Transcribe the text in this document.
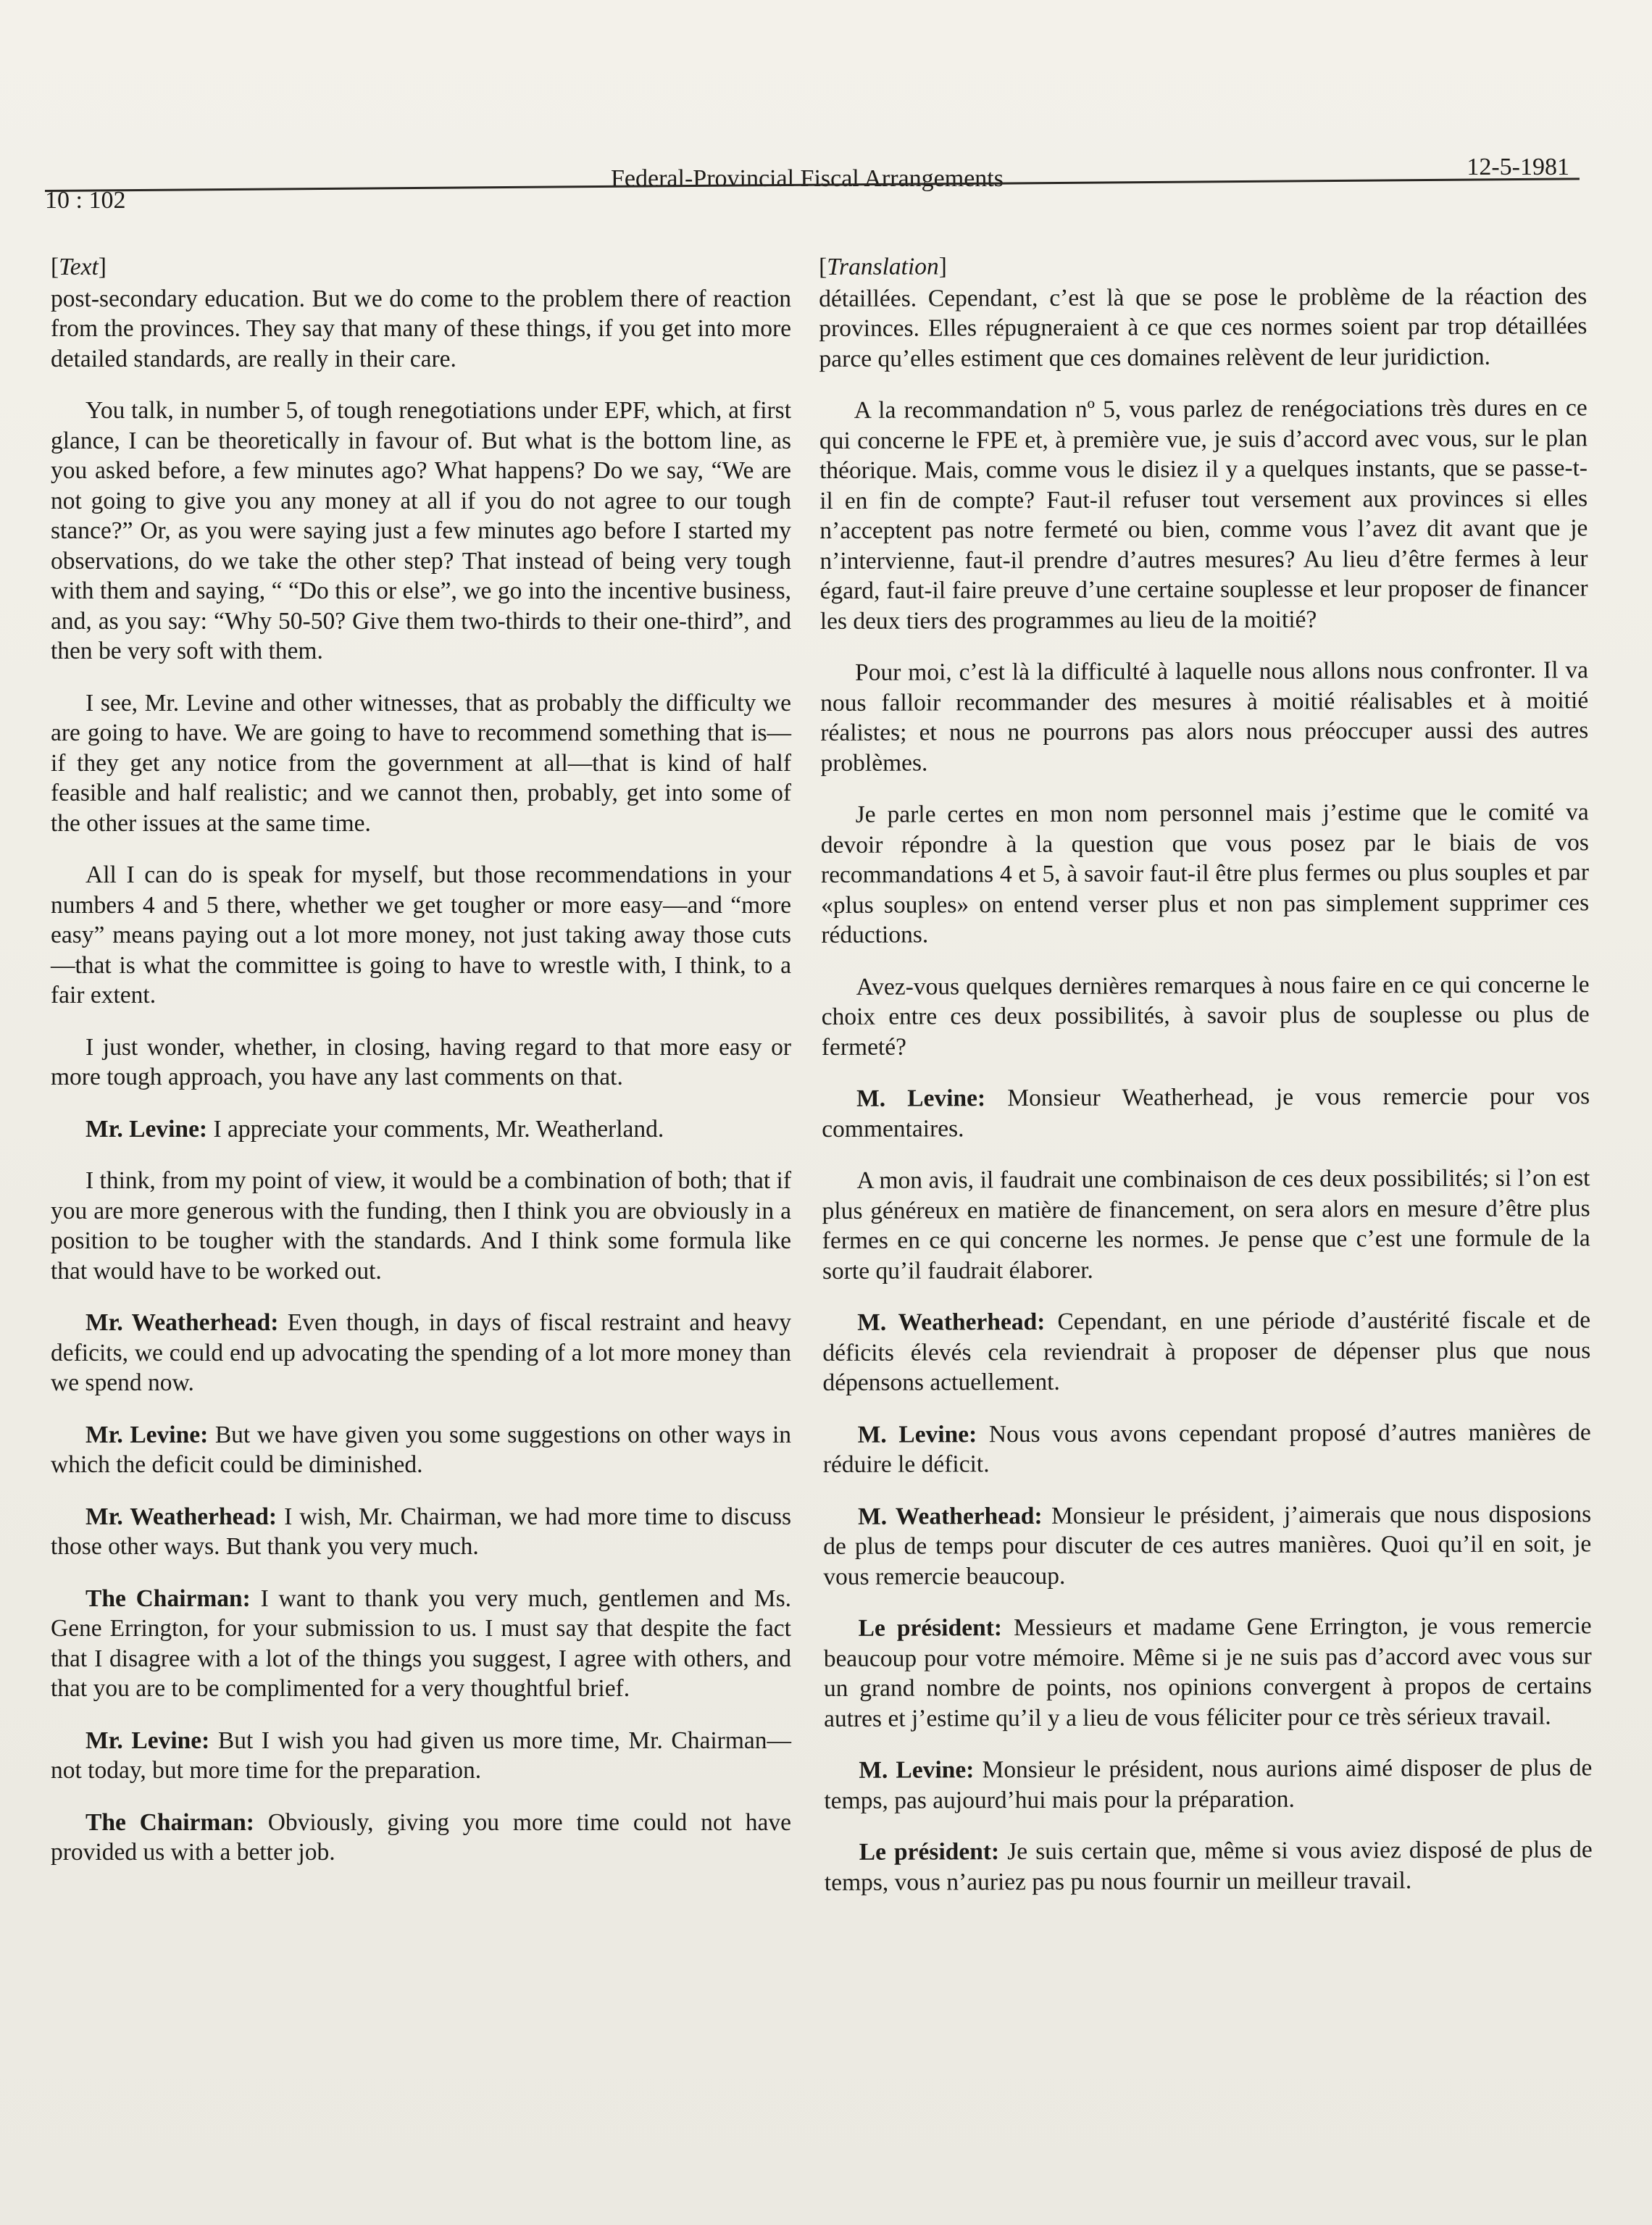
10 : 102
Federal-Provincial Fiscal Arrangements	12-5-1981
[Text]

post-secondary education. But we do come to the problem there of reaction from the provinces. They say that many of these things, if you get into more detailed standards, are really in their care.

You talk, in number 5, of tough renegotiations under EPF, which, at first glance, I can be theoretically in favour of. But what is the bottom line, as you asked before, a few minutes ago? What happens? Do we say, “We are not going to give you any money at all if you do not agree to our tough stance?” Or, as you were saying just a few minutes ago before I started my observations, do we take the other step? That instead of being very tough with them and saying, “ “Do this or else”, we go into the incentive business, and, as you say: “Why 50-50? Give them two-thirds to their one-third”, and then be very soft with them.

I see, Mr. Levine and other witnesses, that as probably the difficulty we are going to have. We are going to have to recommend something that is—if they get any notice from the government at all—that is kind of half feasible and half realistic; and we cannot then, probably, get into some of the other issues at the same time.

All I can do is speak for myself, but those recommendations in your numbers 4 and 5 there, whether we get tougher or more easy—and “more easy” means paying out a lot more money, not just taking away those cuts—that is what the committee is going to have to wrestle with, I think, to a fair extent.

I just wonder, whether, in closing, having regard to that more easy or more tough approach, you have any last comments on that.

Mr. Levine: I appreciate your comments, Mr. Weatherland.

I think, from my point of view, it would be a combination of both; that if you are more generous with the funding, then I think you are obviously in a position to be tougher with the standards. And I think some formula like that would have to be worked out.

Mr. Weatherhead: Even though, in days of fiscal restraint and heavy deficits, we could end up advocating the spending of a lot more money than we spend now.

Mr. Levine: But we have given you some suggestions on other ways in which the deficit could be diminished.

Mr. Weatherhead: I wish, Mr. Chairman, we had more time to discuss those other ways. But thank you very much.

The Chairman: I want to thank you very much, gentlemen and Ms. Gene Errington, for your submission to us. I must say that despite the fact that I disagree with a lot of the things you suggest, I agree with others, and that you are to be complimented for a very thoughtful brief.

Mr. Levine: But I wish you had given us more time, Mr. Chairman—not today, but more time for the preparation.

The Chairman: Obviously, giving you more time could not have provided us with a better job.

[Translation]

détaillées. Cependant, c’est là que se pose le problème de la réaction des provinces. Elles répugneraient à ce que ces normes soient par trop détaillées parce qu’elles estiment que ces domaines relèvent de leur juridiction.

A la recommandation nº 5, vous parlez de renégociations très dures en ce qui concerne le FPE et, à première vue, je suis d’accord avec vous, sur le plan théorique. Mais, comme vous le disiez il y a quelques instants, que se passe-t-il en fin de compte? Faut-il refuser tout versement aux provinces si elles n’acceptent pas notre fermeté ou bien, comme vous l’avez dit avant que je n’intervienne, faut-il prendre d’autres mesures? Au lieu d’être fermes à leur égard, faut-il faire preuve d’une certaine souplesse et leur proposer de financer les deux tiers des programmes au lieu de la moitié?

Pour moi, c’est là la difficulté à laquelle nous allons nous confronter. Il va nous falloir recommander des mesures à moitié réalisables et à moitié réalistes; et nous ne pourrons pas alors nous préoccuper aussi des autres problèmes.

Je parle certes en mon nom personnel mais j’estime que le comité va devoir répondre à la question que vous posez par le biais de vos recommandations 4 et 5, à savoir faut-il être plus fermes ou plus souples et par «plus souples» on entend verser plus et non pas simplement supprimer ces réductions.

Avez-vous quelques dernières remarques à nous faire en ce qui concerne le choix entre ces deux possibilités, à savoir plus de souplesse ou plus de fermeté?

M. Levine: Monsieur Weatherhead, je vous remercie pour vos commentaires.

A mon avis, il faudrait une combinaison de ces deux possibilités; si l’on est plus généreux en matière de financement, on sera alors en mesure d’être plus fermes en ce qui concerne les normes. Je pense que c’est une formule de la sorte qu’il faudrait élaborer.

M. Weatherhead: Cependant, en une période d’austérité fiscale et de déficits élevés cela reviendrait à proposer de dépenser plus que nous dépensons actuellement.

M. Levine: Nous vous avons cependant proposé d’autres manières de réduire le déficit.

M. Weatherhead: Monsieur le président, j’aimerais que nous disposions de plus de temps pour discuter de ces autres manières. Quoi qu’il en soit, je vous remercie beaucoup.

Le président: Messieurs et madame Gene Errington, je vous remercie beaucoup pour votre mémoire. Même si je ne suis pas d’accord avec vous sur un grand nombre de points, nos opinions convergent à propos de certains autres et j’estime qu’il y a lieu de vous féliciter pour ce très sérieux travail.

M. Levine: Monsieur le président, nous aurions aimé disposer de plus de temps, pas aujourd’hui mais pour la préparation.

Le président: Je suis certain que, même si vous aviez disposé de plus de temps, vous n’auriez pas pu nous fournir un meilleur travail.
